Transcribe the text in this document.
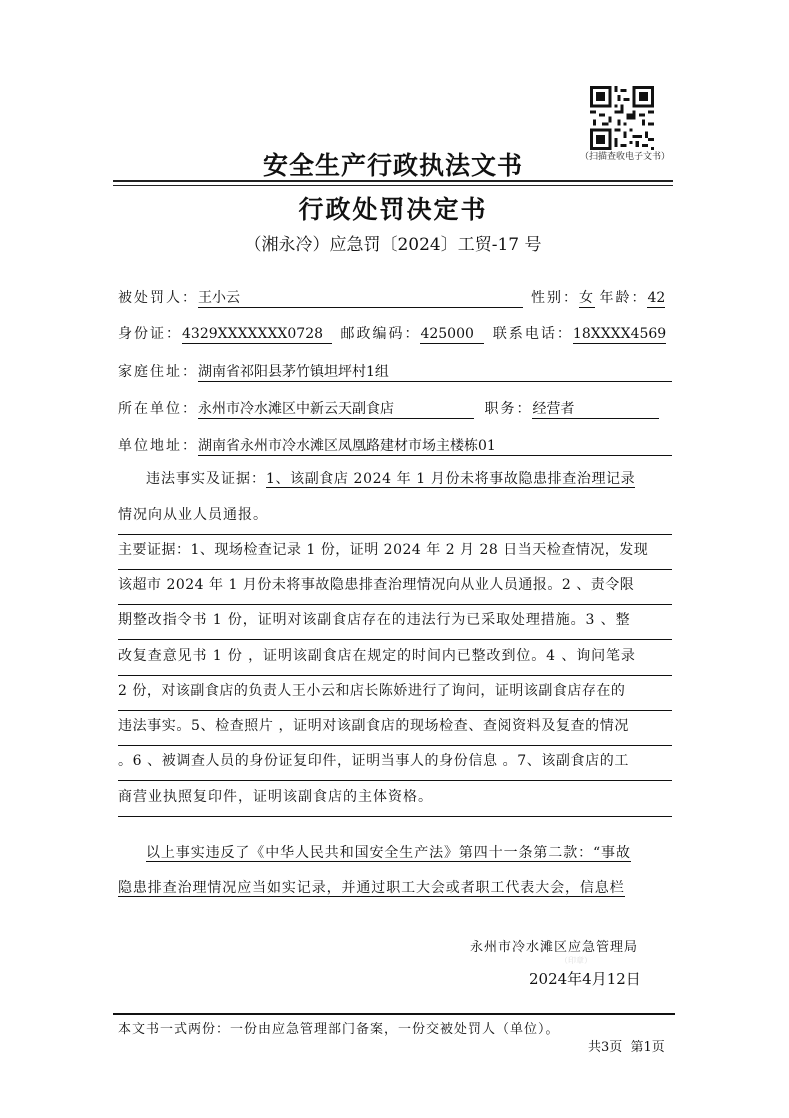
（扫描查收电子文书）
安全生产行政执法文书
行政处罚决定书
（湘永冷）应急罚〔2024〕工贸-17 号
被处罚人：王小云	性别：女 年龄：42
身份证：4329XXXXXXX0728 邮政编码：425000 联系电话：18XXXX4569
家庭住址：湖南省祁阳县茅竹镇坦坪村1组
所在单位：永州市冷水滩区中新云天副食店	职务：经营者
单位地址：湖南省永州市冷水滩区凤凰路建材市场主楼栋01
违法事实及证据：1、该副食店 2024 年 1 月份未将事故隐患排查治理记录
情况向从业人员通报。
主要证据：1、现场检查记录 1 份，证明 2024 年 2 月 28 日当天检查情况，发现
该超市 2024 年 1 月份未将事故隐患排查治理情况向从业人员通报。2 、责令限
期整改指令书 1 份，证明对该副食店存在的违法行为已采取处理措施。3 、整
改复查意见书 1 份 ，证明该副食店在规定的时间内已整改到位。4 、询问笔录
2 份，对该副食店的负责人王小云和店长陈娇进行了询问，证明该副食店存在的
违法事实。5、检查照片 ，证明对该副食店的现场检查、查阅资料及复查的情况
。6 、被调查人员的身份证复印件，证明当事人的身份信息 。7、该副食店的工
商营业执照复印件，证明该副食店的主体资格。
以上事实违反了《中华人民共和国安全生产法》第四十一条第二款：“事故
隐患排查治理情况应当如实记录，并通过职工大会或者职工代表大会，信息栏
永州市冷水滩区应急管理局
（印章）
2024年4月12日
本文书一式两份：一份由应急管理部门备案，一份交被处罚人（单位）。
共3页  第1页
